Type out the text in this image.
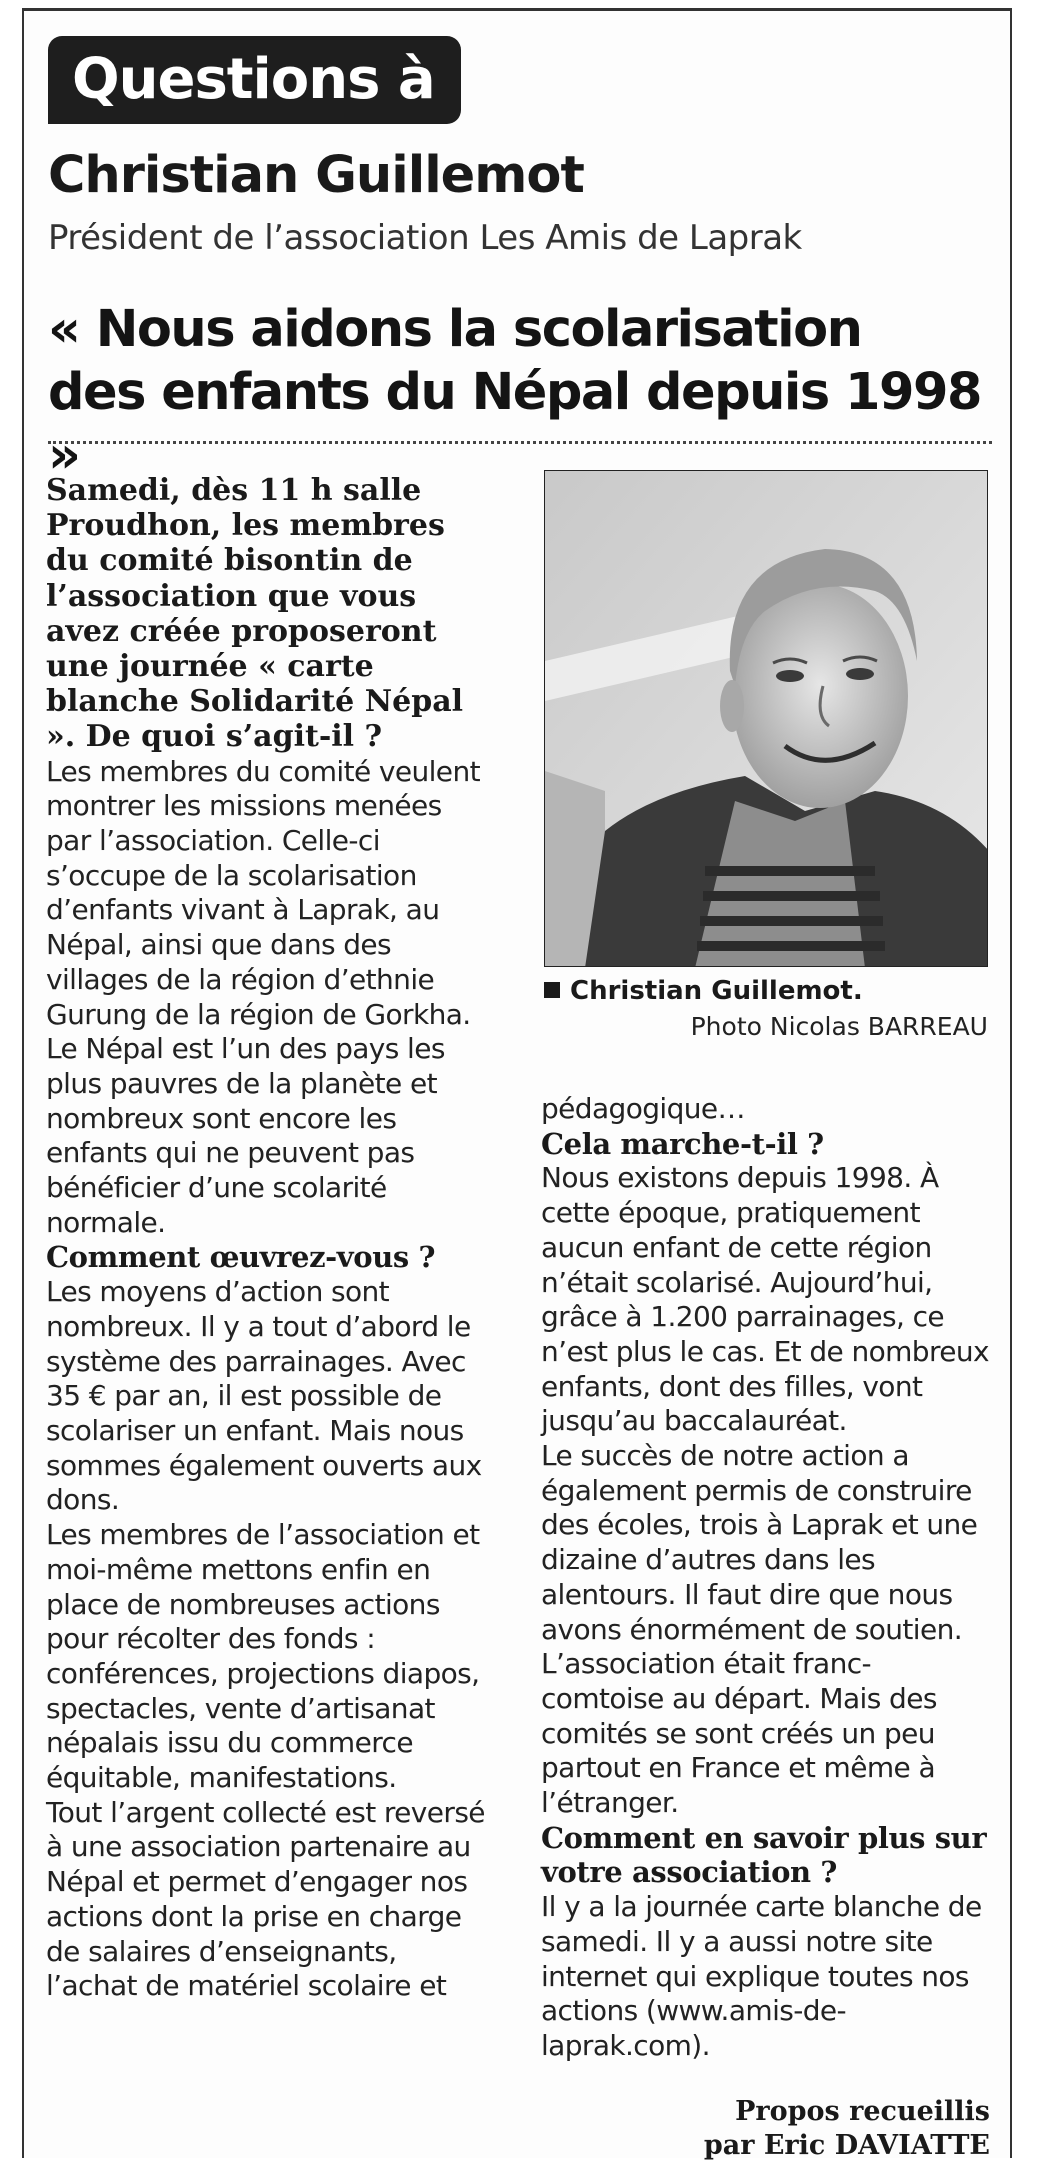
Questions à
Christian Guillemot
Président de l’association Les Amis de Laprak
« Nous aidons la scolarisation
des enfants du Népal depuis 1998 »

Samedi, dès 11 h salle Proudhon, les membres du comité bisontin de l’association que vous avez créée proposeront une journée « carte blanche Solidarité Népal ». De quoi s’agit-il ?

Les membres du comité veulent montrer les missions menées par l’association. Celle-ci s’occupe de la scolarisation d’enfants vivant à Laprak, au Népal, ainsi que dans des villages de la région d’ethnie Gurung de la région de Gorkha.

Le Népal est l’un des pays les plus pauvres de la planète et nombreux sont encore les enfants qui ne peuvent pas bénéficier d’une scolarité normale.

Comment œuvrez-vous ?

Les moyens d’action sont nombreux. Il y a tout d’abord le système des parrainages. Avec 35 € par an, il est possible de scolariser un enfant. Mais nous sommes également ouverts aux dons.

Les membres de l’association et moi-même mettons enfin en place de nombreuses actions pour récolter des fonds : conférences, projections diapos, spectacles, vente d’artisanat népalais issu du commerce équitable, manifestations.

Tout l’argent collecté est reversé à une association partenaire au Népal et permet d’engager nos actions dont la prise en charge de salaires d’enseignants, l’achat de matériel scolaire et

Christian Guillemot.
Photo Nicolas BARREAU

pédagogique…

Cela marche-t-il ?

Nous existons depuis 1998. À cette époque, pratiquement aucun enfant de cette région n’était scolarisé. Aujourd’hui, grâce à 1.200 parrainages, ce n’est plus le cas. Et de nombreux enfants, dont des filles, vont jusqu’au baccalauréat.

Le succès de notre action a également permis de construire des écoles, trois à Laprak et une dizaine d’autres dans les alentours. Il faut dire que nous avons énormément de soutien. L’association était franc-comtoise au départ. Mais des comités se sont créés un peu partout en France et même à l’étranger.

Comment en savoir plus sur votre association ?

Il y a la journée carte blanche de samedi. Il y a aussi notre site internet qui explique toutes nos actions (www.amis-de-laprak.com).

Propos recueillis
par Eric DAVIATTE
